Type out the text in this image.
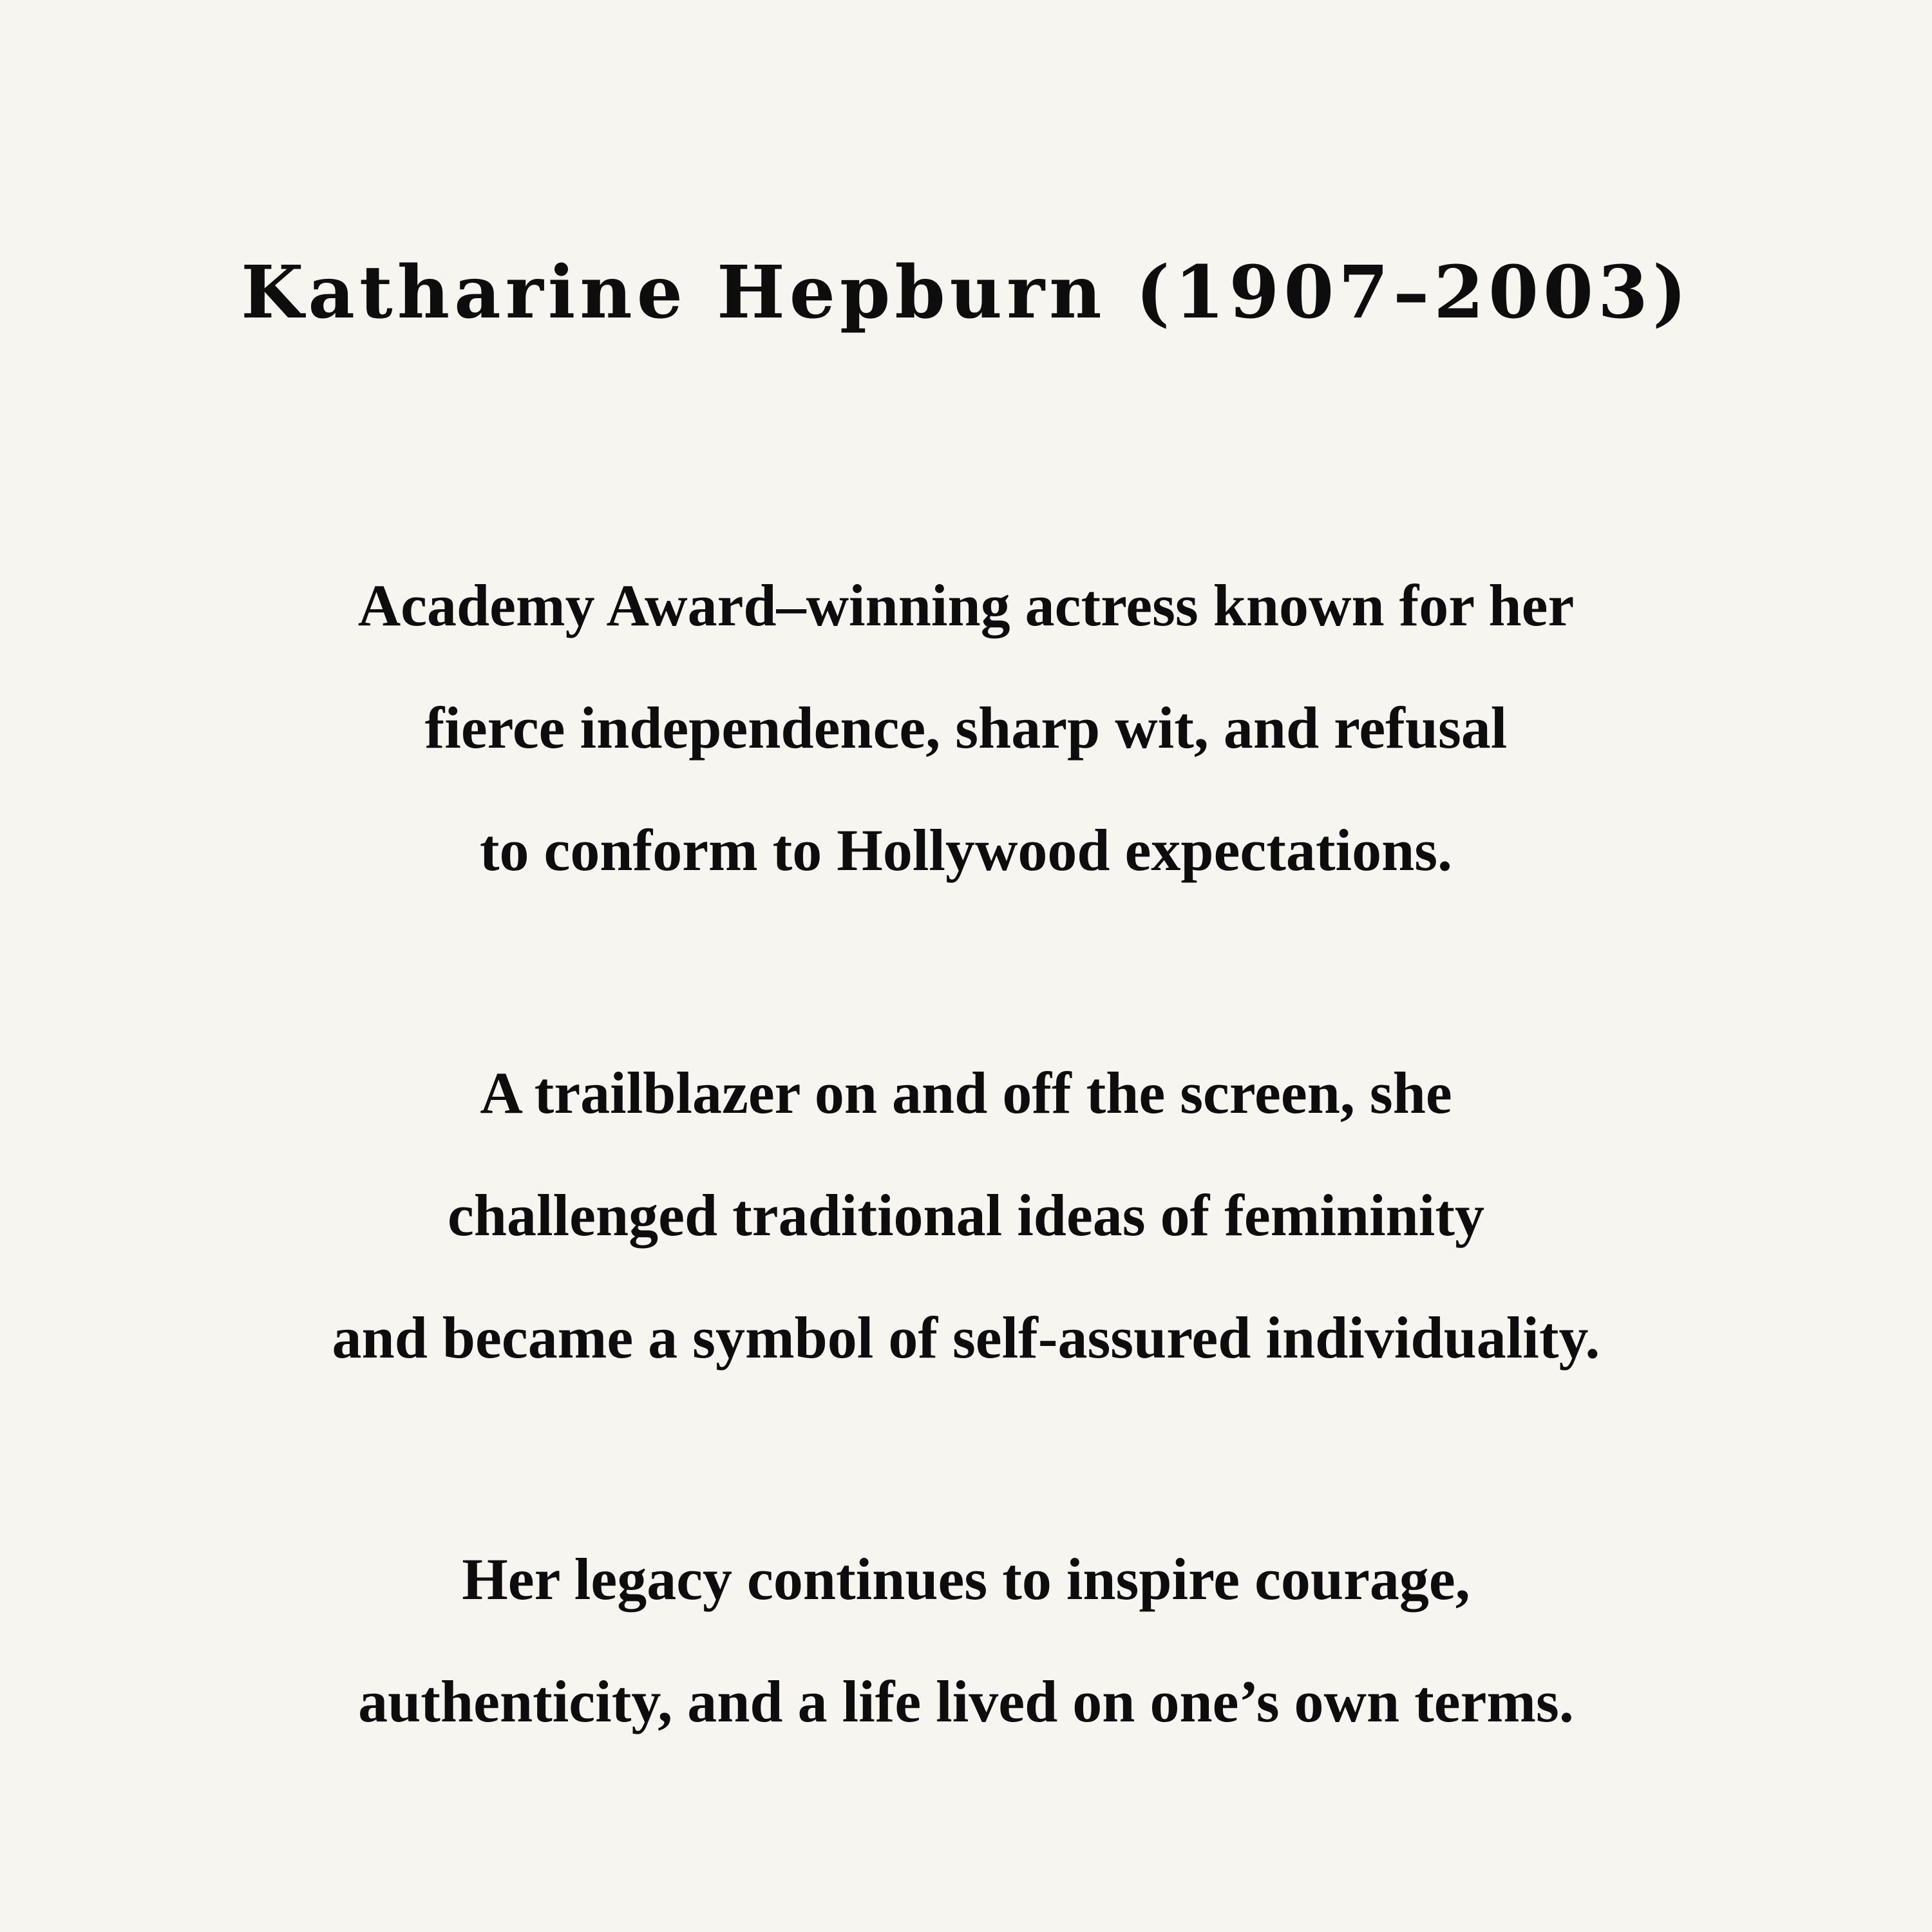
Katharine Hepburn (1907–2003)
Academy Award–winning actress known for her
fierce independence, sharp wit, and refusal
to conform to Hollywood expectations.
A trailblazer on and off the screen, she
challenged traditional ideas of femininity
and became a symbol of self-assured individuality.
Her legacy continues to inspire courage,
authenticity, and a life lived on one’s own terms.
